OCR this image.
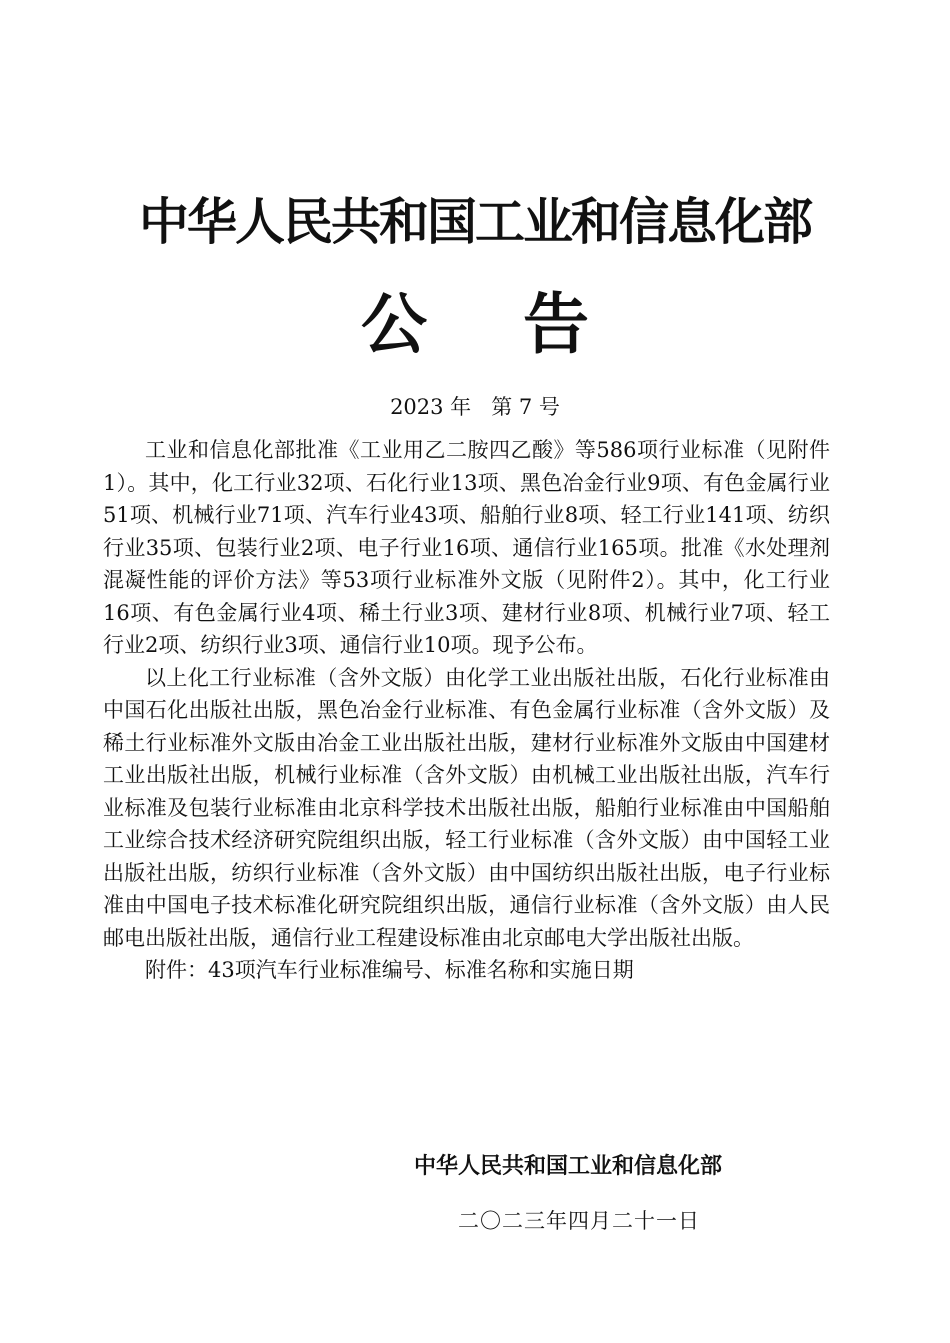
中华人民共和国工业和信息化部
公告
2023 年   第 7 号

工业和信息化部批准《工业用乙二胺四乙酸》等586项行业标准（见附件1）。其中，化工行业32项、石化行业13项、黑色冶金行业9项、有色金属行业51项、机械行业71项、汽车行业43项、船舶行业8项、轻工行业141项、纺织行业35项、包装行业2项、电子行业16项、通信行业165项。批准《水处理剂混凝性能的评价方法》等53项行业标准外文版（见附件2）。其中，化工行业16项、有色金属行业4项、稀土行业3项、建材行业8项、机械行业7项、轻工行业2项、纺织行业3项、通信行业10项。现予公布。

以上化工行业标准（含外文版）由化学工业出版社出版，石化行业标准由中国石化出版社出版，黑色冶金行业标准、有色金属行业标准（含外文版）及稀土行业标准外文版由冶金工业出版社出版，建材行业标准外文版由中国建材工业出版社出版，机械行业标准（含外文版）由机械工业出版社出版，汽车行业标准及包装行业标准由北京科学技术出版社出版，船舶行业标准由中国船舶工业综合技术经济研究院组织出版，轻工行业标准（含外文版）由中国轻工业出版社出版，纺织行业标准（含外文版）由中国纺织出版社出版，电子行业标准由中国电子技术标准化研究院组织出版，通信行业标准（含外文版）由人民邮电出版社出版，通信行业工程建设标准由北京邮电大学出版社出版。

附件：43项汽车行业标准编号、标准名称和实施日期

中华人民共和国工业和信息化部
二〇二三年四月二十一日
